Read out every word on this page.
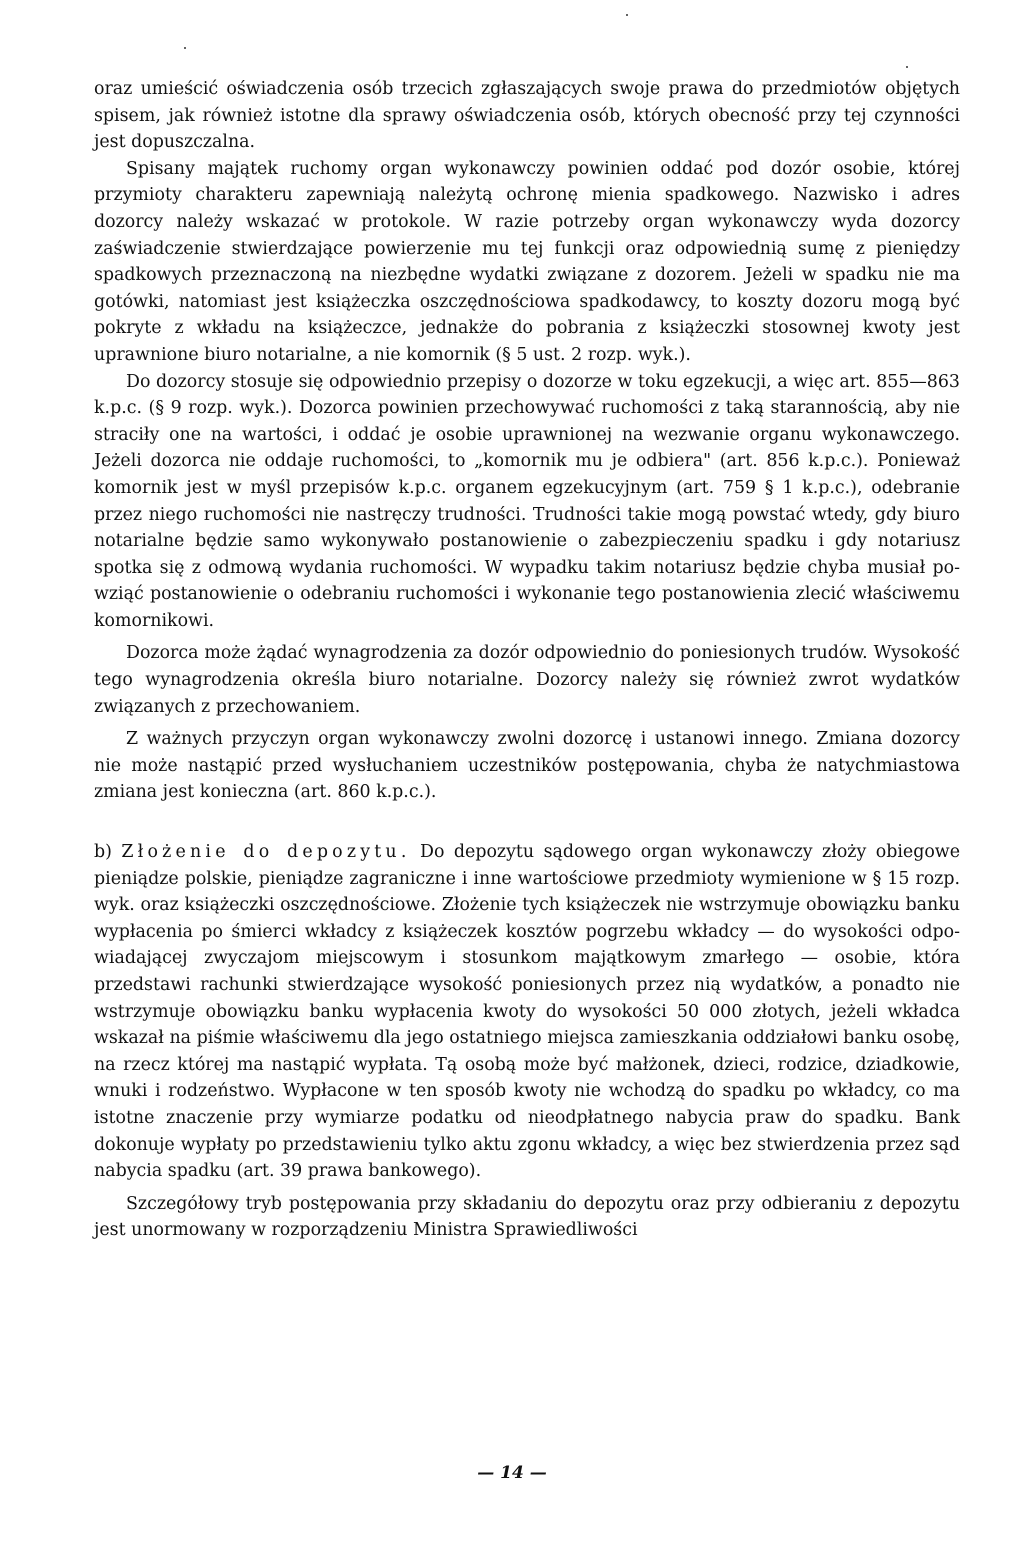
oraz umieścić oświadczenia osób trzecich zgłaszających swoje prawa do przedmiotów objętych spisem, jak również istotne dla sprawy oświadczenia osób, których obecność przy tej czynności jest dopuszczalna.

Spisany majątek ruchomy organ wykonawczy powinien oddać pod dozór osobie, której przymioty charakteru zapewniają należytą ochronę mienia spadkowego. Nazwisko i adres dozorcy należy wskazać w protokole. W razie potrzeby organ wykonawczy wyda dozorcy zaświadczenie stwierdzające powierzenie mu tej funkcji oraz odpowiednią sumę z pieniędzy spadkowych przeznaczoną na niezbędne wydatki związane z dozorem. Jeżeli w spadku nie ma gotówki, natomiast jest książeczka oszczędnościowa spadkodawcy, to koszty dozoru mogą być pokryte z wkładu na książeczce, jednakże do pobrania z książeczki stosownej kwoty jest uprawnione biuro notarialne, a nie komornik (§ 5 ust. 2 rozp. wyk.).

Do dozorcy stosuje się odpowiednio przepisy o dozorze w toku egzekucji, a więc art. 855—863 k.p.c. (§ 9 rozp. wyk.). Dozorca powinien przechowywać ruchomości z taką starannością, aby nie straciły one na wartości, i oddać je osobie uprawnionej na wezwanie organu wykonawczego. Jeżeli dozorca nie oddaje ruchomości, to „komornik mu je odbiera" (art. 856 k.p.c.). Ponieważ komornik jest w myśl przepisów k.p.c. organem egzekucyjnym (art. 759 § 1 k.p.c.), odebranie przez niego ruchomości nie nastręczy trudności. Trudności takie mogą powstać wtedy, gdy biuro notarialne będzie samo wykonywało postanowienie o zabezpieczeniu spadku i gdy notariusz spotka się z odmową wydania ruchomości. W wypadku takim notariusz będzie chyba musiał powziąć postanowienie o odebraniu ruchomości i wykonanie tego postanowienia zlecić właściwemu komornikowi.

Dozorca może żądać wynagrodzenia za dozór odpowiednio do poniesionych trudów. Wysokość tego wynagrodzenia określa biuro notarialne. Dozorcy należy się również zwrot wydatków związanych z przechowaniem.

Z ważnych przyczyn organ wykonawczy zwolni dozorcę i ustanowi innego. Zmiana dozorcy nie może nastąpić przed wysłuchaniem uczestników postępowania, chyba że natychmiastowa zmiana jest konieczna (art. 860 k.p.c.).

b) Złożenie do depozytu. Do depozytu sądowego organ wykonawczy złoży obiegowe pieniądze polskie, pieniądze zagraniczne i inne wartościowe przedmioty wymienione w § 15 rozp. wyk. oraz książeczki oszczędnościowe. Złożenie tych książeczek nie wstrzymuje obowiązku banku wypłacenia po śmierci wkładcy z książeczek kosztów pogrzebu wkładcy — do wysokości odpowiadającej zwyczajom miejscowym i stosunkom majątkowym zmarłego — osobie, która przedstawi rachunki stwierdzające wysokość poniesionych przez nią wydatków, a ponadto nie wstrzymuje obowiązku banku wypłacenia kwoty do wysokości 50 000 złotych, jeżeli wkładca wskazał na piśmie właściwemu dla jego ostatniego miejsca zamieszkania oddziałowi banku osobę, na rzecz której ma nastąpić wypłata. Tą osobą może być małżonek, dzieci, rodzice, dziadkowie, wnuki i rodzeństwo. Wypłacone w ten sposób kwoty nie wchodzą do spadku po wkładcy, co ma istotne znaczenie przy wymiarze podatku od nieodpłatnego nabycia praw do spadku. Bank dokonuje wypłaty po przedstawieniu tylko aktu zgonu wkładcy, a więc bez stwierdzenia przez sąd nabycia spadku (art. 39 prawa bankowego).

Szczegółowy tryb postępowania przy składaniu do depozytu oraz przy odbieraniu z depozytu jest unormowany w rozporządzeniu Ministra Sprawiedliwości

— 14 —
